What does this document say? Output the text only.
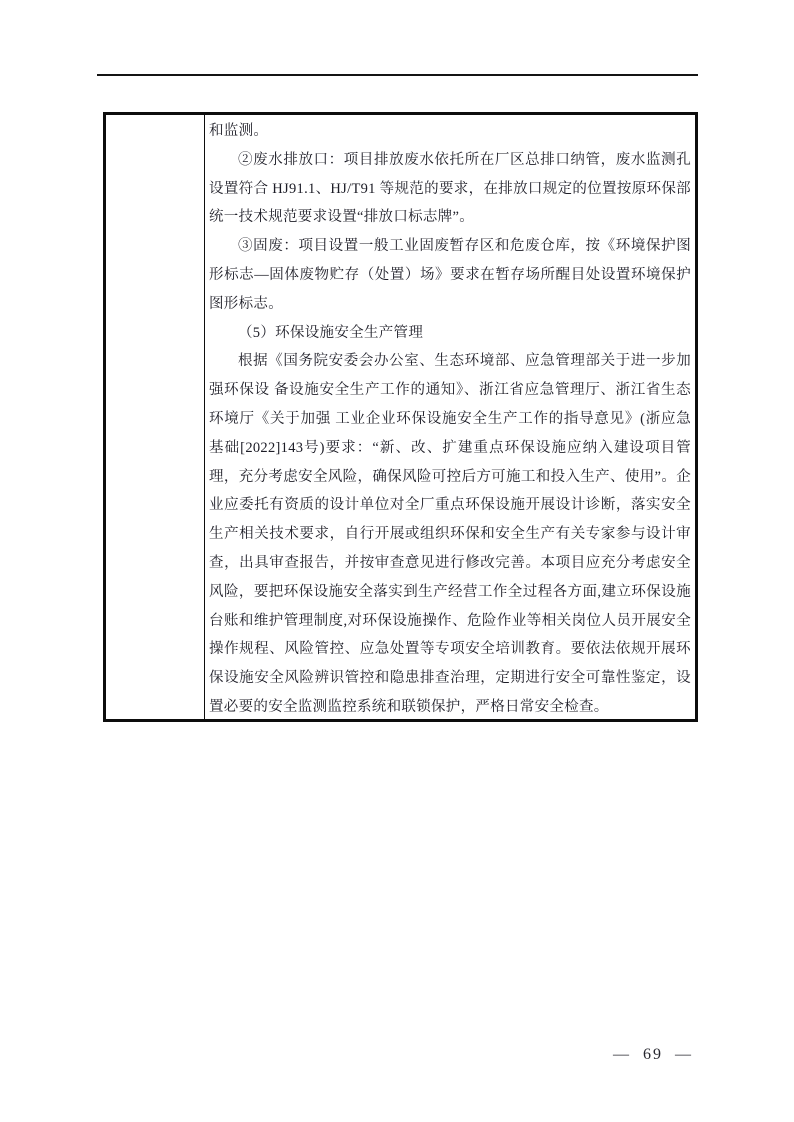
和监测。

②废水排放口：项目排放废水依托所在厂区总排口纳管，废水监测孔设置符合 HJ91.1、HJ/T91 等规范的要求，在排放口规定的位置按原环保部统一技术规范要求设置“排放口标志牌”。

③固废：项目设置一般工业固废暂存区和危废仓库，按《环境保护图形标志—固体废物贮存（处置）场》要求在暂存场所醒目处设置环境保护图形标志。

（5）环保设施安全生产管理

根据《国务院安委会办公室、生态环境部、应急管理部关于进一步加强环保设 备设施安全生产工作的通知》、浙江省应急管理厅、浙江省生态环境厅《关于加强 工业企业环保设施安全生产工作的指导意见》(浙应急基础[2022]143号)要求：“新、改、扩建重点环保设施应纳入建设项目管理，充分考虑安全风险，确保风险可控后方可施工和投入生产、使用”。企业应委托有资质的设计单位对全厂重点环保设施开展设计诊断，落实安全生产相关技术要求，自行开展或组织环保和安全生产有关专家参与设计审查，出具审查报告，并按审查意见进行修改完善。本项目应充分考虑安全风险，要把环保设施安全落实到生产经营工作全过程各方面,建立环保设施台账和维护管理制度,对环保设施操作、危险作业等相关岗位人员开展安全操作规程、风险管控、应急处置等专项安全培训教育。要依法依规开展环保设施安全风险辨识管控和隐患排查治理，定期进行安全可靠性鉴定，设置必要的安全监测监控系统和联锁保护，严格日常安全检查。

—  69  —
